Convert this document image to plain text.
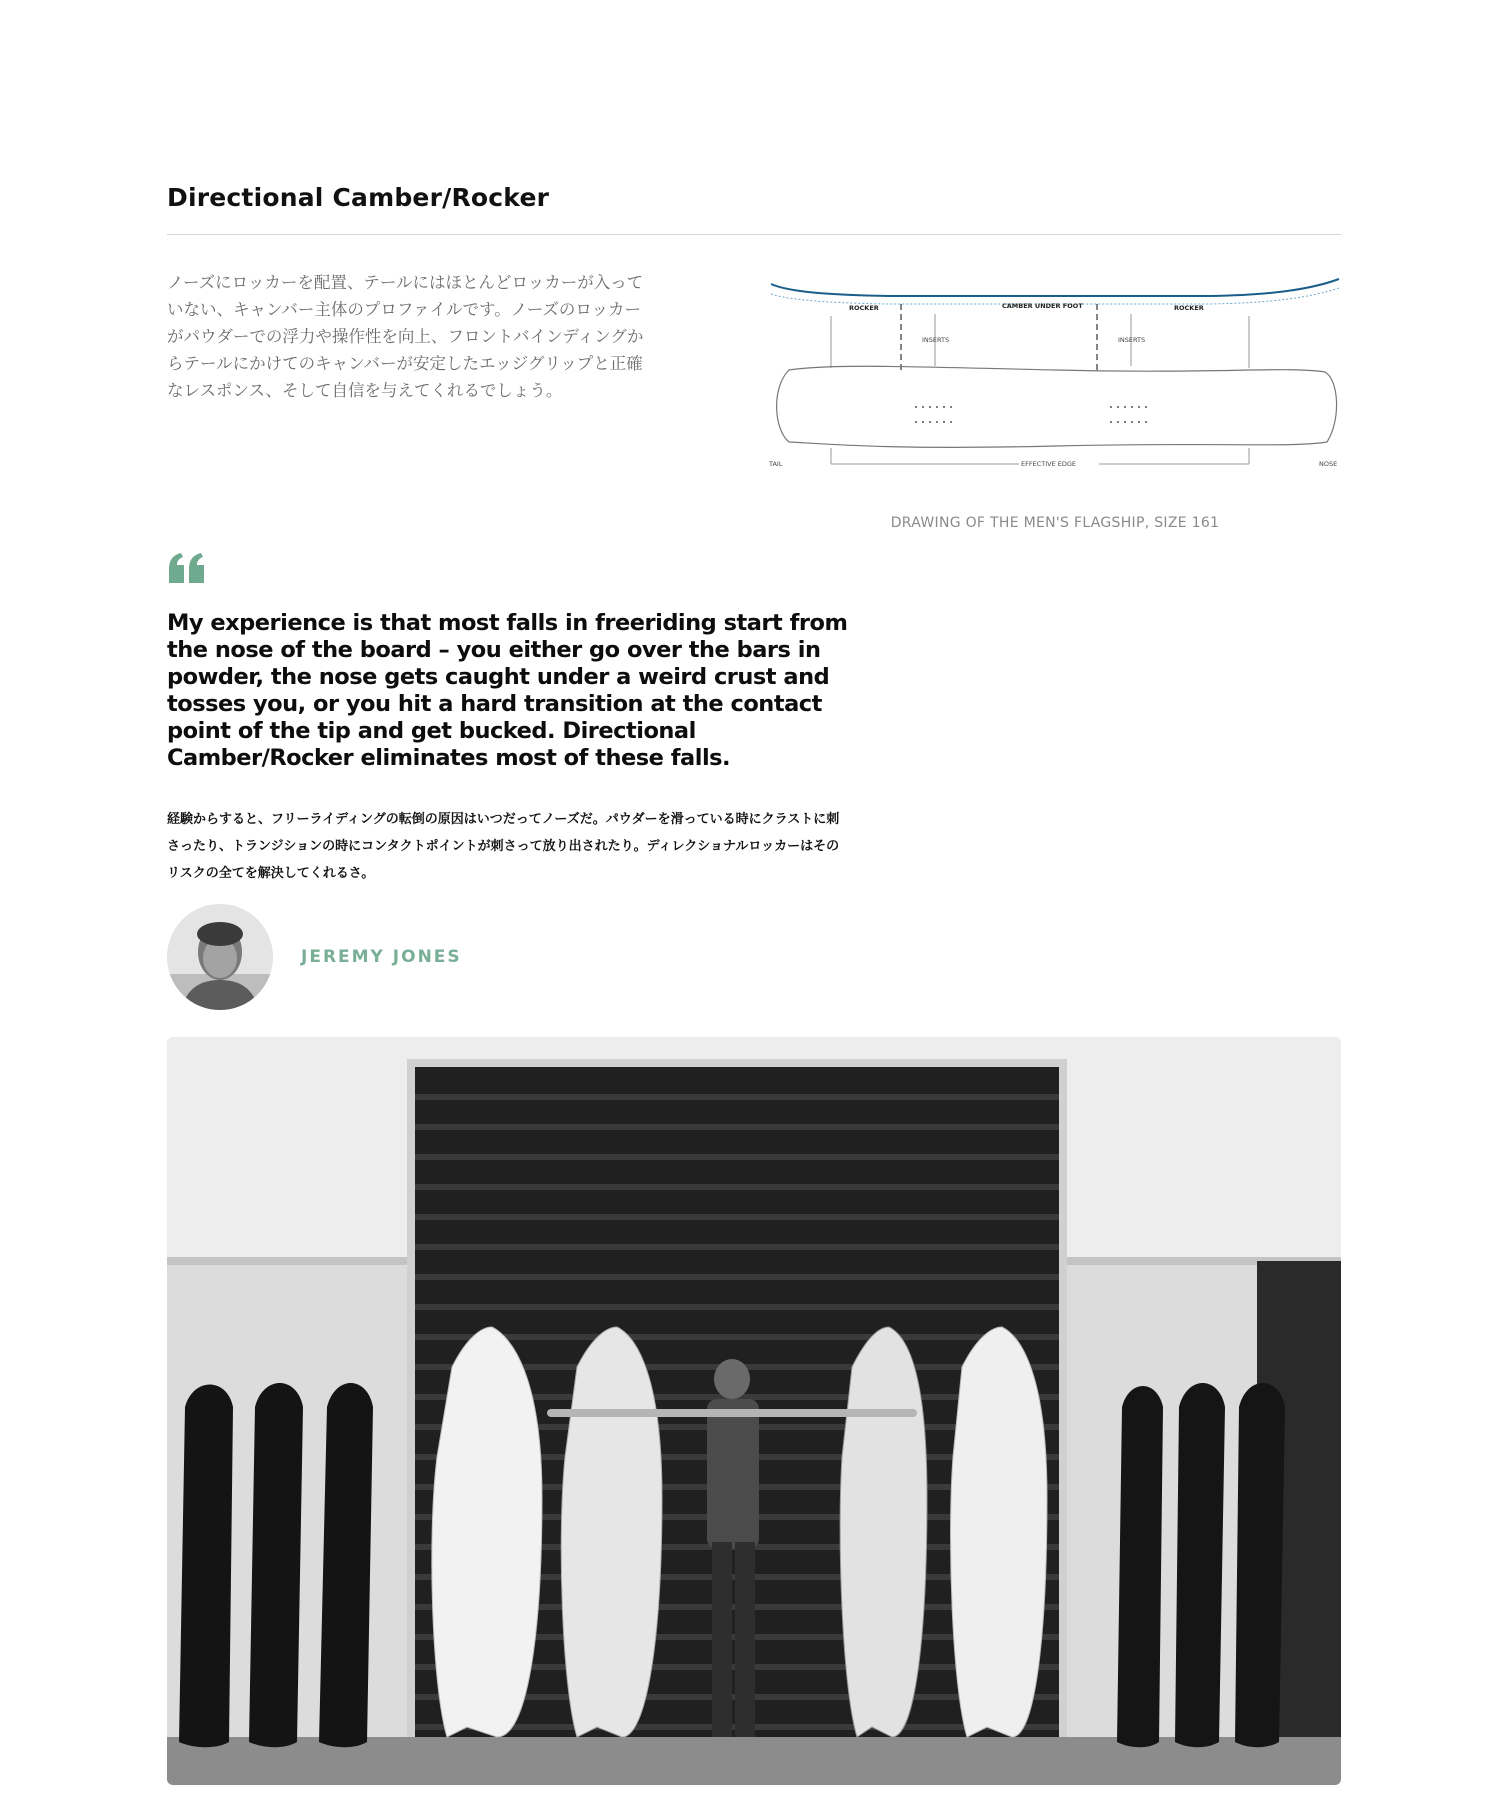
Directional Camber/Rocker

ノーズにロッカーを配置、テールにはほとんどロッカーが入っていない、キャンバー主体のプロファイルです。ノーズのロッカーがパウダーでの浮力や操作性を向上、フロントバインディングからテールにかけてのキャンバーが安定したエッジグリップと正確なレスポンス、そして自信を与えてくれるでしょう。

ROCKER	CAMBER UNDER FOOT	ROCKER
INSERTS	INSERTS
TAIL	EFFECTIVE EDGE	NOSE
DRAWING OF THE MEN'S FLAGSHIP, SIZE 161

My experience is that most falls in freeriding start from the nose of the board – you either go over the bars in powder, the nose gets caught under a weird crust and tosses you, or you hit a hard transition at the contact point of the tip and get bucked. Directional Camber/Rocker eliminates most of these falls.

経験からすると、フリーライディングの転倒の原因はいつだってノーズだ。パウダーを滑っている時にクラストに刺さったり、トランジションの時にコンタクトポイントが刺さって放り出されたり。ディレクショナルロッカーはそのリスクの全てを解決してくれるさ。

JEREMY JONES
